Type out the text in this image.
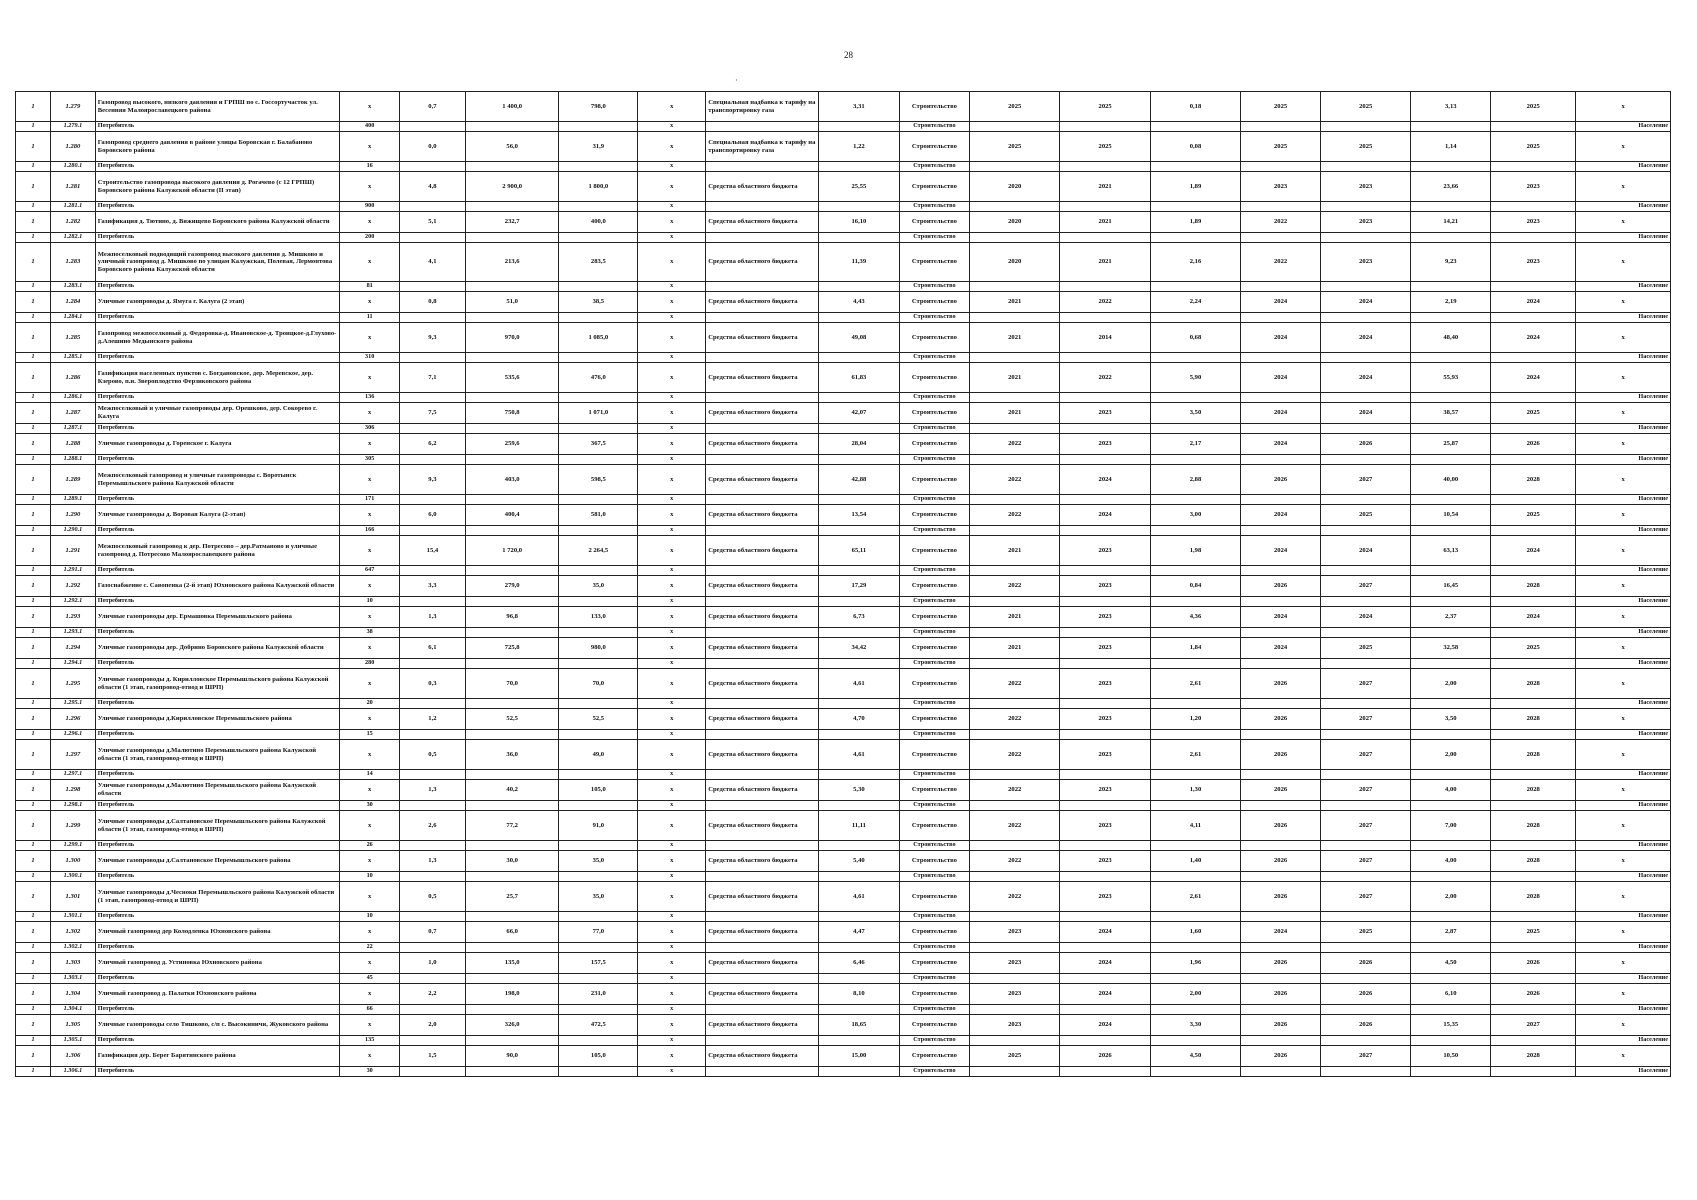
28
·
1	1.279	Газопровод высокого, низкого давления и ГРПШ по с. Госсортучасток ул. Весенняя Малоярославецкого района	х	0,7	1 400,0	798,0	х	Специальная надбавка к тарифу на транспортировку газа	3,31	Строительство	2025	2025	0,18	2025	2025	3,13	2025	х
1	1.279.1	Потребитель	400				х			Строительство								Население
1	1.280	Газопровод среднего давления в районе улицы Боровская г. Балабаново Боровского района	х	0,0	56,0	31,9	х	Специальная надбавка к тарифу на транспортировку газа	1,22	Строительство	2025	2025	0,08	2025	2025	1,14	2025	х
1	1.280.1	Потребитель	16				х			Строительство								Население
1	1.281	Строительство газопровода высокого давления д. Рогачево (с 12 ГРПШ) Боровского района Калужской области (II этап)	х	4,8	2 900,0	1 800,0	х	Средства областного бюджета	25,55	Строительство	2020	2021	1,89	2023	2023	23,66	2023	х
1	1.281.1	Потребитель	900				х			Строительство								Население
1	1.282	Газификация д. Тютино, д. Вяжищево Боровского района Калужской области	х	5,1	232,7	400,0	х	Средства областного бюджета	16,10	Строительство	2020	2021	1,89	2022	2023	14,21	2023	х
1	1.282.1	Потребитель	200				х			Строительство								Население
1	1.283	Межпоселковый подводящий газопровод высокого давления д. Мишково и уличный газопровод д. Мишково по улицам Калужская, Полевая, Лермонтова Боровского района Калужской области	х	4,1	213,6	283,5	х	Средства областного бюджета	11,39	Строительство	2020	2021	2,16	2022	2023	9,23	2023	х
1	1.283.1	Потребитель	81				х			Строительство								Население
1	1.284	Уличные газопроводы д. Ямуга г. Калуга (2 этап)	х	0,8	51,0	38,5	х	Средства областного бюджета	4,43	Строительство	2021	2022	2,24	2024	2024	2,19	2024	х
1	1.284.1	Потребитель	11				х			Строительство								Население
1	1.285	Газопровод межпоселковый д. Федоровка-д. Ивановское-д. Троицкое-д.Глухово-д.Алешино Медынского района	х	9,3	970,0	1 085,0	х	Средства областного бюджета	49,08	Строительство	2021	2014	0,68	2024	2024	48,40	2024	х
1	1.285.1	Потребитель	310				х			Строительство								Население
1	1.286	Газификация населенных пунктов с. Богдановское, дер. Меревское, дер. Кзерово, п.н. Звероплодство Ферзиковского района	х	7,1	535,6	476,0	х	Средства областного бюджета	61,83	Строительство	2021	2022	5,90	2024	2024	55,93	2024	х
1	1.286.1	Потребитель	136				х			Строительство								Население
1	1.287	Межпоселковый и уличные газопроводы дер. Орешково, дер. Сокорево г. Калуга	х	7,5	750,8	1 071,0	х	Средства областного бюджета	42,07	Строительство	2021	2023	3,50	2024	2024	38,57	2025	х
1	1.287.1	Потребитель	306				х			Строительство								Население
1	1.288	Уличные газопроводы д. Горенское г. Калуга	х	6,2	259,6	367,5	х	Средства областного бюджета	28,04	Строительство	2022	2023	2,17	2024	2026	25,87	2026	х
1	1.288.1	Потребитель	305				х			Строительство								Население
1	1.289	Межпоселковый газопровод и уличные газопроводы с. Воротынск Перемышльского района Калужской области	х	9,3	403,0	598,5	х	Средства областного бюджета	42,88	Строительство	2022	2024	2,88	2026	2027	40,00	2028	х
1	1.289.1	Потребитель	171				х			Строительство								Население
1	1.290	Уличные газопроводы д. Воровая Калуга (2-этап)	х	6,0	400,4	581,0	х	Средства областного бюджета	13,54	Строительство	2022	2024	3,00	2024	2025	10,54	2025	х
1	1.290.1	Потребитель	166				х			Строительство								Население
1	1.291	Межпоселковый газопровод к дер. Потресово – дер.Ратманово и уличные газопровод д. Потресово Малоярославецкого района	х	15,4	1 720,0	2 264,5	х	Средства областного бюджета	65,11	Строительство	2021	2023	1,98	2024	2024	63,13	2024	х
1	1.291.1	Потребитель	647				х			Строительство								Население
1	1.292	Газоснабжение с. Савопенка (2-й этап) Юхновского района Калужской области	х	3,3	279,0	35,0	х	Средства областного бюджета	17,29	Строительство	2022	2023	0,84	2026	2027	16,45	2028	х
1	1.292.1	Потребитель	10				х			Строительство								Население
1	1.293	Уличные газопроводы дер. Ермашовка Перемышльского района	х	1,3	96,8	133,0	х	Средства областного бюджета	6,73	Строительство	2021	2023	4,36	2024	2024	2,37	2024	х
1	1.293.1	Потребитель	38				х			Строительство								Население
1	1.294	Уличные газопроводы дер. Добрино Боровского района Калужской области	х	6,1	725,8	980,0	х	Средства областного бюджета	34,42	Строительство	2021	2023	1,84	2024	2025	32,58	2025	х
1	1.294.1	Потребитель	280				х			Строительство								Население
1	1.295	Уличные газопроводы д. Кирилловское Перемышльского района Калужской области (1 этап, газопровод-отвод и ШРП)	х	0,3	70,0	70,0	х	Средства областного бюджета	4,61	Строительство	2022	2023	2,61	2026	2027	2,00	2028	х
1	1.295.1	Потребитель	20				х			Строительство								Население
1	1.296	Уличные газопроводы д.Кирилловское Перемышльского района	х	1,2	52,5	52,5	х	Средства областного бюджета	4,70	Строительство	2022	2023	1,20	2026	2027	3,50	2028	х
1	1.296.1	Потребитель	15				х			Строительство								Население
1	1.297	Уличные газопроводы д.Малютино Перемышльского района Калужской области (1 этап, газопровод-отвод и ШРП)	х	0,5	36,0	49,0	х	Средства областного бюджета	4,61	Строительство	2022	2023	2,61	2026	2027	2,00	2028	х
1	1.297.1	Потребитель	14				х			Строительство								Население
1	1.298	Уличные газопроводы д.Малютино Перемышльского района Калужской области	х	1,3	40,2	105,0	х	Средства областного бюджета	5,30	Строительство	2022	2023	1,30	2026	2027	4,00	2028	х
1	1.298.1	Потребитель	30				х			Строительство								Население
1	1.299	Уличные газопроводы д.Салтановское Перемышльского района Калужской области (1 этап, газопровод-отвод и ШРП)	х	2,6	77,2	91,0	х	Средства областного бюджета	11,11	Строительство	2022	2023	4,11	2026	2027	7,00	2028	х
1	1.299.1	Потребитель	26				х			Строительство								Население
1	1.300	Уличные газопроводы д.Салтановское Перемышльского района	х	1,3	30,0	35,0	х	Средства областного бюджета	5,40	Строительство	2022	2023	1,40	2026	2027	4,00	2028	х
1	1.300.1	Потребитель	10				х			Строительство								Население
1	1.301	Уличные газопроводы д.Чесноки Перемышльского района Калужской области (1 этап, газопровод-отвод и ШРП)	х	0,5	25,7	35,0	х	Средства областного бюджета	4,61	Строительство	2022	2023	2,61	2026	2027	2,00	2028	х
1	1.301.1	Потребитель	10				х			Строительство								Население
1	1.302	Уличный газопровод дер Колодленка Юхновского района	х	0,7	66,0	77,0	х	Средства областного бюджета	4,47	Строительство	2023	2024	1,60	2024	2025	2,87	2025	х
1	1.302.1	Потребитель	22				х			Строительство								Население
1	1.303	Уличный газопровод д. Устиновка Юхновского района	х	1,0	135,0	157,5	х	Средства областного бюджета	6,46	Строительство	2023	2024	1,96	2026	2026	4,50	2026	х
1	1.303.1	Потребитель	45				х			Строительство								Население
1	1.304	Уличный газопровод д. Палатки Юхновского района	х	2,2	198,0	231,0	х	Средства областного бюджета	8,10	Строительство	2023	2024	2,00	2026	2026	6,10	2026	х
1	1.304.1	Потребитель	66				х			Строительство								Население
1	1.305	Уличные газопроводы село Тишково, с/п с. Высокиничи, Жуковского района	х	2,0	326,0	472,5	х	Средства областного бюджета	18,65	Строительство	2023	2024	3,30	2026	2026	15,35	2027	х
1	1.305.1	Потребитель	135				х			Строительство								Население
1	1.306	Газификация дер. Берег Барятинского района	х	1,5	90,0	105,0	х	Средства областного бюджета	15,00	Строительство	2025	2026	4,50	2026	2027	10,50	2028	х
1	1.306.1	Потребитель	30				х			Строительство								Население
